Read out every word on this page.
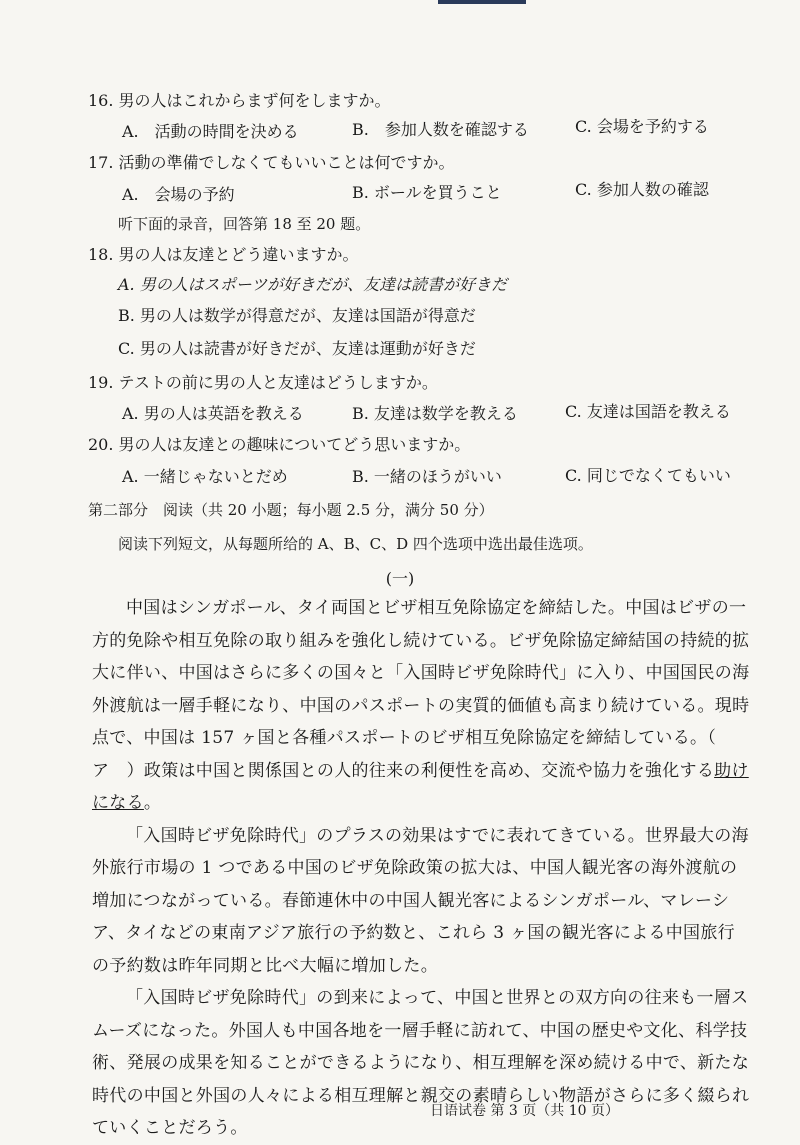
16. 男の人はこれからまず何をしますか。
A.　活動の時間を決める	B.　参加人数を確認する	C. 会場を予約する
17. 活動の準備でしなくてもいいことは何ですか。
A.　会場の予約	B. ボールを買うこと	C. 参加人数の確認
听下面的录音，回答第 18 至 20 题。
18. 男の人は友達とどう違いますか。
A. 男の人はスポーツが好きだが、友達は読書が好きだ
B. 男の人は数学が得意だが、友達は国語が得意だ
C. 男の人は読書が好きだが、友達は運動が好きだ
19. テストの前に男の人と友達はどうしますか。
A. 男の人は英語を教える	B. 友達は数学を教える	C. 友達は国語を教える
20. 男の人は友達との趣味についてどう思いますか。
A. 一緒じゃないとだめ	B. 一緒のほうがいい	C. 同じでなくてもいい
第二部分　阅读（共 20 小题；每小题 2.5 分，满分 50 分）
阅读下列短文，从每题所给的 A、B、C、D 四个选项中选出最佳选项。
(一)

中国はシンガポール、タイ両国とビザ相互免除協定を締結した。中国はビザの一方的免除や相互免除の取り組みを強化し続けている。ビザ免除協定締結国の持続的拡大に伴い、中国はさらに多くの国々と「入国時ビザ免除時代」に入り、中国国民の海外渡航は一層手軽になり、中国のパスポートの実質的価値も高まり続けている。現時点で、中国は 157 ヶ国と各種パスポートのビザ相互免除協定を締結している。（　ア　）政策は中国と関係国との人的往来の利便性を高め、交流や協力を強化する助けになる。

「入国時ビザ免除時代」のプラスの効果はすでに表れてきている。世界最大の海外旅行市場の 1 つである中国のビザ免除政策の拡大は、中国人観光客の海外渡航の増加につながっている。春節連休中の中国人観光客によるシンガポール、マレーシア、タイなどの東南アジア旅行の予約数と、これら 3 ヶ国の観光客による中国旅行の予約数は昨年同期と比べ大幅に増加した。

「入国時ビザ免除時代」の到来によって、中国と世界との双方向の往来も一層スムーズになった。外国人も中国各地を一層手軽に訪れて、中国の歴史や文化、科学技術、発展の成果を知ることができるようになり、相互理解を深め続ける中で、新たな時代の中国と外国の人々による相互理解と親交の素晴らしい物語がさらに多く綴られていくことだろう。

日语试卷 第 3 页（共 10 页）
